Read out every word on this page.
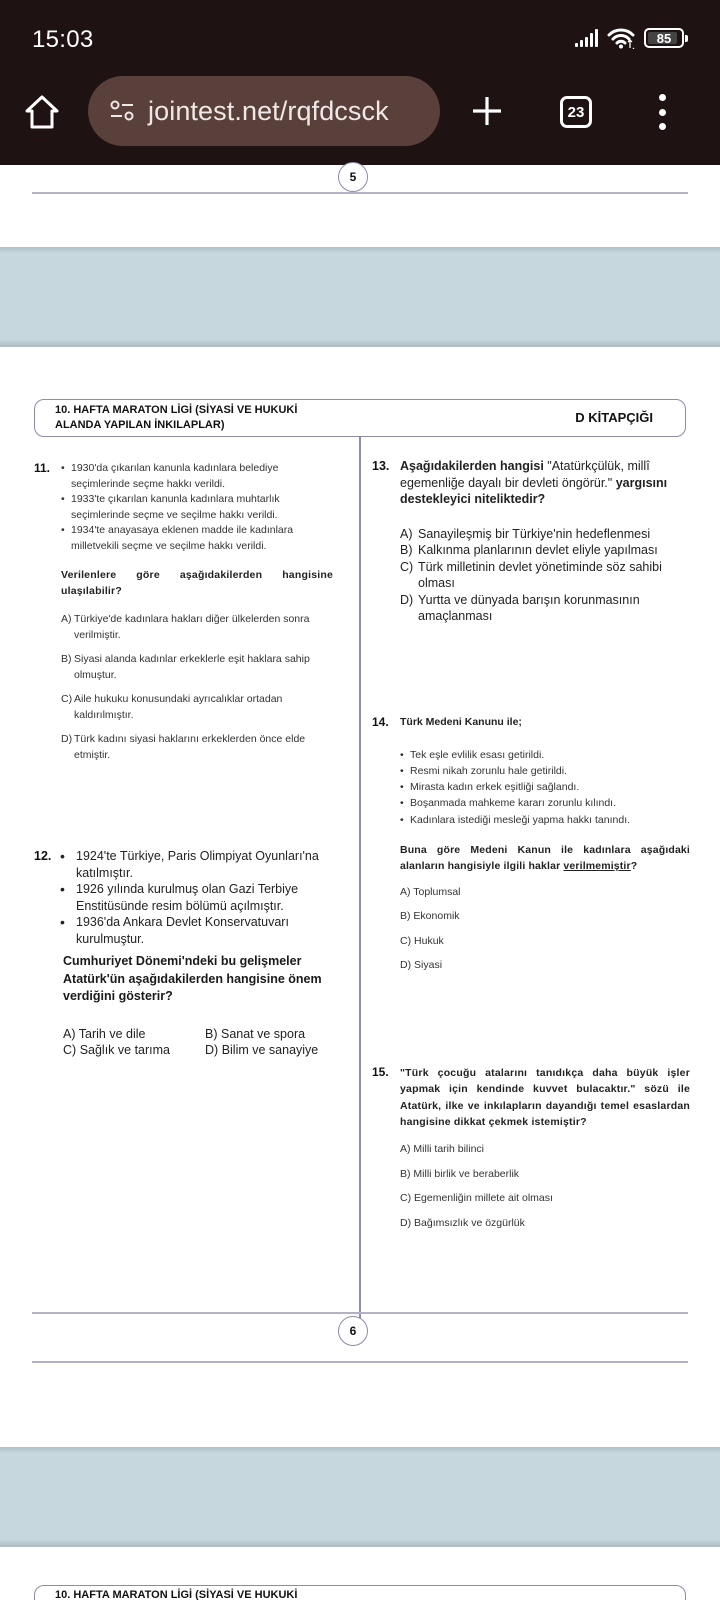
15:03	85
jointest.net/rqfdcsck	23
5
10. HAFTA MARATON LİGİ (SİYASİ VE HUKUKİ
ALANDA YAPILAN İNKILAPLAR)	D KİTAPÇIĞI
11.	• 1930'da çıkarılan kanunla kadınlara belediye seçimlerinde seçme hakkı verildi.
• 1933'te çıkarılan kanunla kadınlara muhtarlık seçimlerinde seçme ve seçilme hakkı verildi.
• 1934'te anayasaya eklenen madde ile kadınlara milletvekili seçme ve seçilme hakkı verildi.
Verilenlere göre aşağıdakilerden hangisine ulaşılabilir?
A) Türkiye'de kadınlara hakları diğer ülkelerden sonra verilmiştir.
B) Siyasi alanda kadınlar erkeklerle eşit haklara sahip olmuştur.
C) Aile hukuku konusundaki ayrıcalıklar ortadan kaldırılmıştır.
D) Türk kadını siyasi haklarını erkeklerden önce elde etmiştir.
12.	• 1924'te Türkiye, Paris Olimpiyat Oyunları'na katılmıştır.
• 1926 yılında kurulmuş olan Gazi Terbiye Enstitüsünde resim bölümü açılmıştır.
• 1936'da Ankara Devlet Konservatuvarı kurulmuştur.
Cumhuriyet Dönemi'ndeki bu gelişmeler Atatürk'ün aşağıdakilerden hangisine önem verdiğini gösterir?
A) Tarih ve dile	B) Sanat ve spora
C) Sağlık ve tarıma	D) Bilim ve sanayiye
13. Aşağıdakilerden hangisi "Atatürkçülük, millî egemenliğe dayalı bir devleti öngörür." yargısını destekleyici niteliktedir?
A) Sanayileşmiş bir Türkiye'nin hedeflenmesi
B) Kalkınma planlarının devlet eliyle yapılması
C) Türk milletinin devlet yönetiminde söz sahibi olması
D) Yurtta ve dünyada barışın korunmasının amaçlanması
14. Türk Medeni Kanunu ile;
• Tek eşle evlilik esası getirildi.
• Resmi nikah zorunlu hale getirildi.
• Mirasta kadın erkek eşitliği sağlandı.
• Boşanmada mahkeme kararı zorunlu kılındı.
• Kadınlara istediği mesleği yapma hakkı tanındı.
Buna göre Medeni Kanun ile kadınlara aşağıdaki alanların hangisiyle ilgili haklar verilmemiştir?
A) Toplumsal
B) Ekonomik
C) Hukuk
D) Siyasi
15. "Türk çocuğu atalarını tanıdıkça daha büyük işler yapmak için kendinde kuvvet bulacaktır." sözü ile Atatürk, ilke ve inkılapların dayandığı temel esaslardan hangisine dikkat çekmek istemiştir?
A) Milli tarih bilinci
B) Milli birlik ve beraberlik
C) Egemenliğin millete ait olması
D) Bağımsızlık ve özgürlük
6
10. HAFTA MARATON LİGİ (SİYASİ VE HUKUKİ
